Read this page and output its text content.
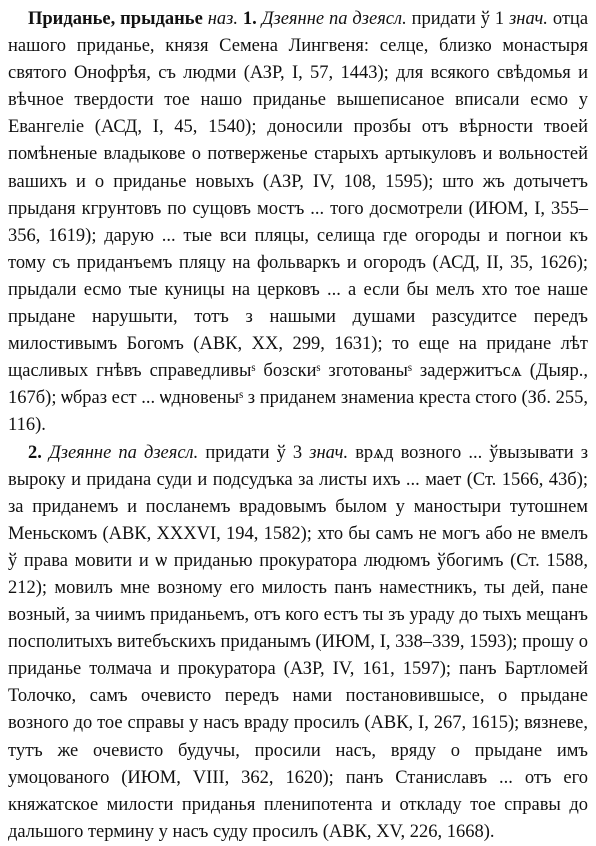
Приданье, прыданье наз. 1. Дзеянне па дзеясл. придати ў 1 знач. отца нашого приданье, князя Семена Лингвеня: селце, близко монастыря святого Онофрѣя, съ людми (АЗР, I, 57, 1443); для всякого свѣдомья и вѣчное твердости тое нашо приданье вышеписаное вписали есмо у Евангеліе (АСД, I, 45, 1540); доносили прозбы отъ вѣрности твоей помѣненые владыкове о потверженье старыхъ артыкуловъ и вольностей вашихъ и о приданье новыхъ (АЗР, IV, 108, 1595); што жъ дотычетъ прыданя кгрунтовъ по сущовъ мостъ ... того досмотрели (ИЮМ, I, 355–356, 1619); дарую ... тые вси пляцы, селища где огороды и погнои къ тому съ приданъемъ пляцу на фольваркъ и огородъ (АСД, II, 35, 1626); прыдали есмо тые куницы на церковъ ... а если бы мелъ хто тое наше прыдане нарушыти, тотъ з нашыми душами разсудитсе передъ милостивымъ Богомъ (АВК, XX, 299, 1631); то еще на придане лѣт щасливых гнѣвъ справедливыˢ бозскиˢ зготованыˢ задержитъсѧ (Дыяр., 167б); ѡбраз ест ... ѡдновеныˢ з приданем знамениа креста стого (Зб. 255, 116).

2. Дзеянне па дзеясл. придати ў 3 знач. врѧд возного ... ўвызывати з выроку и придана суди и подсудъка за листы ихъ ... мает (Ст. 1566, 43б); за приданемъ и посланемъ врадовымъ былом у маностыри тутошнем Меньскомъ (АВК, XXXVI, 194, 1582); хто бы самъ не могъ або не вмелъ ў права мовити и ѡ приданью прокуратора людюмъ ўбогимъ (Ст. 1588, 212); мовилъ мне возному его милость панъ наместникъ, ты дей, пане возный, за чиимъ приданьемъ, отъ кого естъ ты зъ ураду до тыхъ мещанъ посполитыхъ витебъскихъ приданымъ (ИЮМ, I, 338–339, 1593); прошу о приданье толмача и прокуратора (АЗР, IV, 161, 1597); панъ Бартломей Толочко, самъ очевисто передъ нами постановившысе, о прыдане возного до тое справы у насъ враду просилъ (АВК, I, 267, 1615); вязневе, тутъ же очевисто будучы, просили насъ, вряду о прыдане имъ умоцованого (ИЮМ, VIII, 362, 1620); панъ Станиславъ ... отъ его княжатское милости приданья пленипотента и откладу тое справы до дальшого термину у насъ суду просилъ (АВК, XV, 226, 1668).
